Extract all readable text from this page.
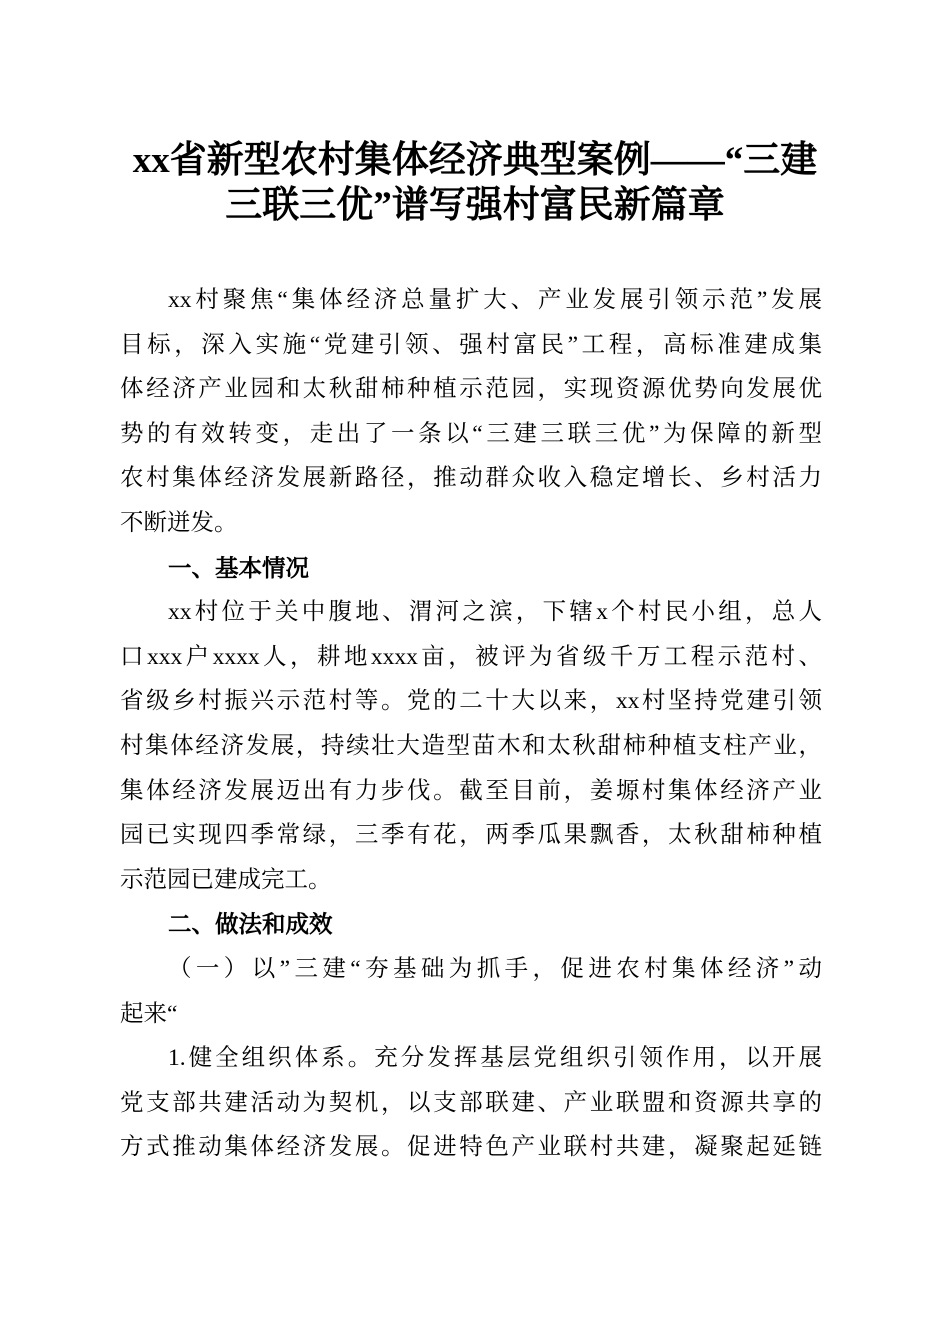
xx省新型农村集体经济典型案例——“三建
三联三优”谱写强村富民新篇章
xx村聚焦“集体经济总量扩大、产业发展引领示范”发展
目标，深入实施“党建引领、强村富民”工程，高标准建成集
体经济产业园和太秋甜柿种植示范园，实现资源优势向发展优
势的有效转变，走出了一条以“三建三联三优”为保障的新型
农村集体经济发展新路径，推动群众收入稳定增长、乡村活力
不断迸发。
一、基本情况
xx村位于关中腹地、渭河之滨，下辖x个村民小组，总人
口xxx户xxxx人，耕地xxxx亩，被评为省级千万工程示范村、
省级乡村振兴示范村等。党的二十大以来，xx村坚持党建引领
村集体经济发展，持续壮大造型苗木和太秋甜柿种植支柱产业，
集体经济发展迈出有力步伐。截至目前，姜塬村集体经济产业
园已实现四季常绿，三季有花，两季瓜果飘香，太秋甜柿种植
示范园已建成完工。
二、做法和成效
（一）以”三建“夯基础为抓手，促进农村集体经济”动
起来“
1.健全组织体系。充分发挥基层党组织引领作用，以开展
党支部共建活动为契机，以支部联建、产业联盟和资源共享的
方式推动集体经济发展。促进特色产业联村共建，凝聚起延链
